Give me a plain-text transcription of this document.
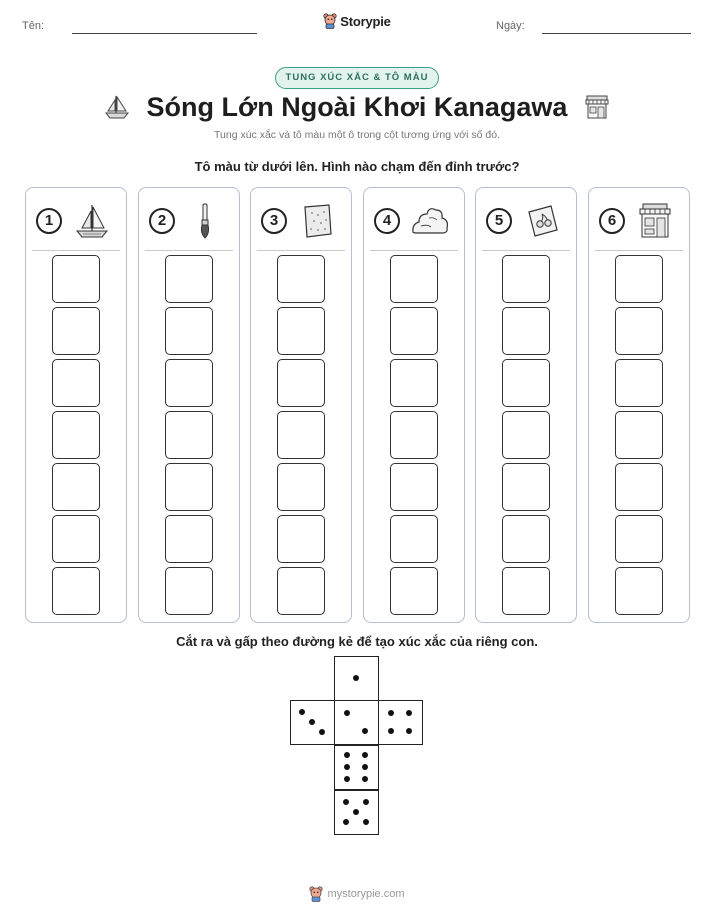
Tên:	Ngày:
Storypie
TUNG XÚC XẮC & TÔ MÀU
Sóng Lớn Ngoài Khơi Kanagawa
Tung xúc xắc và tô màu một ô trong cột tương ứng với số đó.
Tô màu từ dưới lên. Hình nào chạm đến đỉnh trước?
1	2	3	4	5	6
Cắt ra và gấp theo đường kẻ để tạo xúc xắc của riêng con.
mystorypie.com
